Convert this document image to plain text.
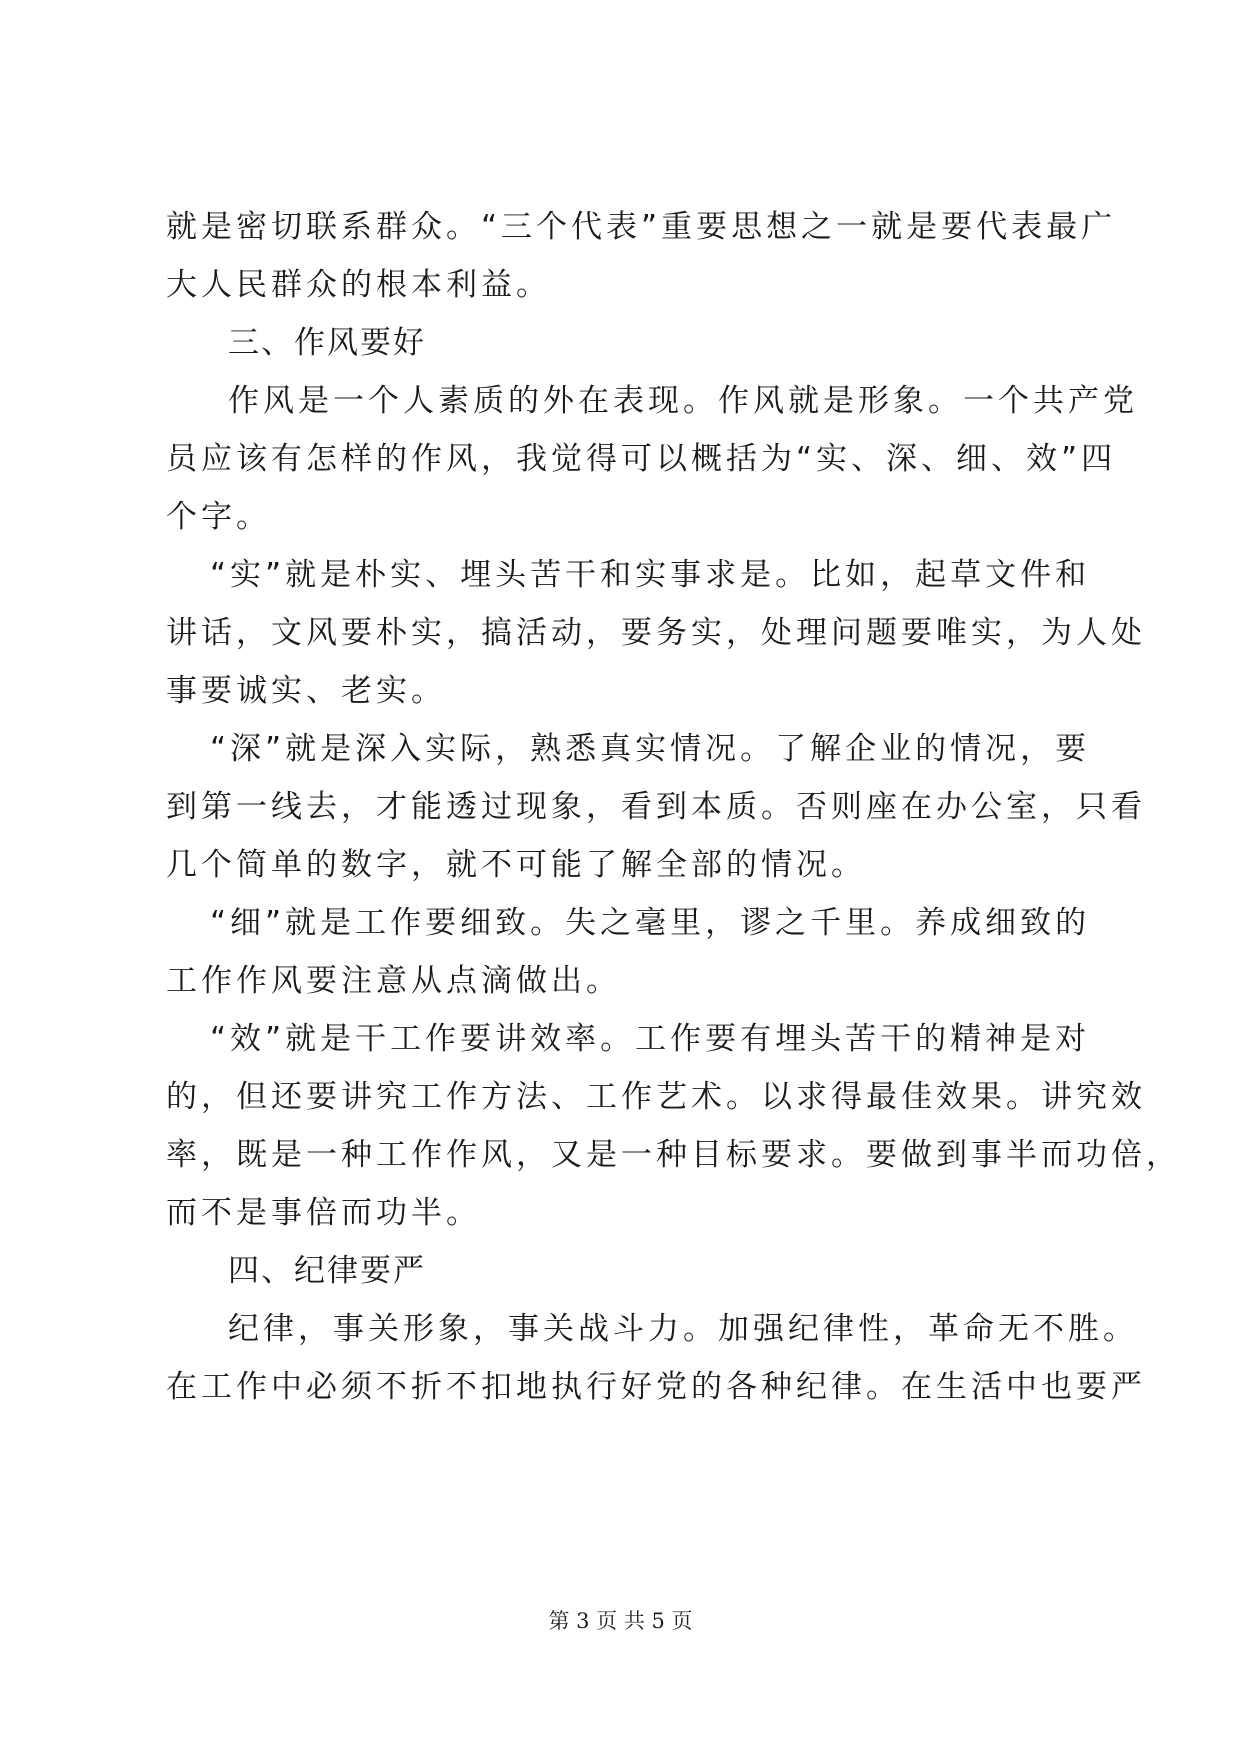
就是密切联系群众。“三个代表”重要思想之一就是要代表最广
大人民群众的根本利益。
三、作风要好
作风是一个人素质的外在表现。作风就是形象。一个共产党
员应该有怎样的作风，我觉得可以概括为“实、深、细、效”四
个字。
“实”就是朴实、埋头苦干和实事求是。比如，起草文件和
讲话，文风要朴实，搞活动，要务实，处理问题要唯实，为人处
事要诚实、老实。
“深”就是深入实际，熟悉真实情况。了解企业的情况，要
到第一线去，才能透过现象，看到本质。否则座在办公室，只看
几个简单的数字，就不可能了解全部的情况。
“细”就是工作要细致。失之毫里，谬之千里。养成细致的
工作作风要注意从点滴做出。
“效”就是干工作要讲效率。工作要有埋头苦干的精神是对
的，但还要讲究工作方法、工作艺术。以求得最佳效果。讲究效
率，既是一种工作作风，又是一种目标要求。要做到事半而功倍，
而不是事倍而功半。
四、纪律要严
纪律，事关形象，事关战斗力。加强纪律性，革命无不胜。
在工作中必须不折不扣地执行好党的各种纪律。在生活中也要严
第 3 页 共 5 页
